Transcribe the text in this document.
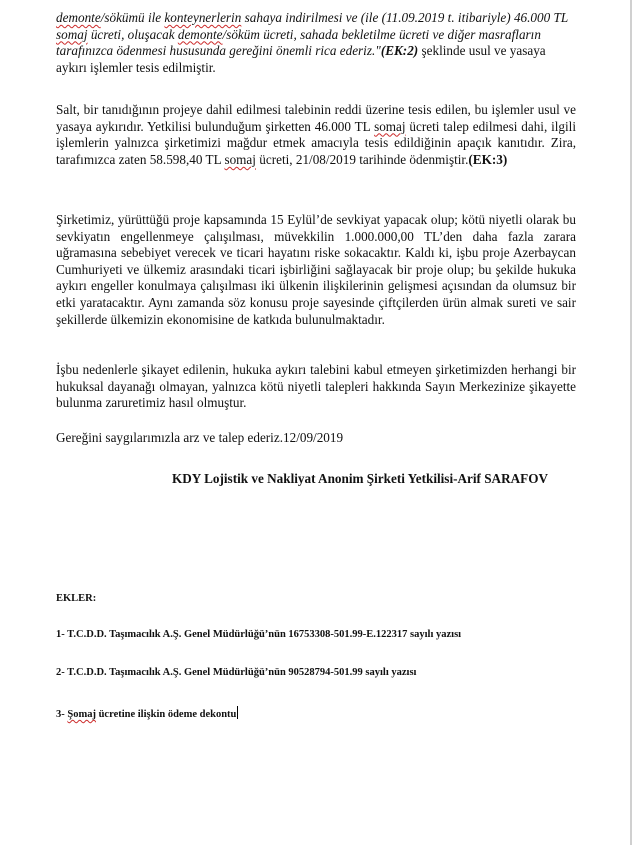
demonte/sökümü ile konteynerlerin sahaya indirilmesi ve (ile (11.09.2019 t. itibariyle) 46.000 TL
somaj ücreti, oluşacak demonte/söküm ücreti, sahada bekletilme ücreti ve diğer masrafların
tarafınızca ödenmesi hususunda gereğini önemli rica ederiz."(EK:2) şeklinde usul ve yasaya
aykırı işlemler tesis edilmiştir.

Salt, bir tanıdığının projeye dahil edilmesi talebinin reddi üzerine tesis edilen, bu işlemler usul ve yasaya aykırıdır. Yetkilisi bulunduğum şirketten 46.000 TL somaj ücreti talep edilmesi dahi, ilgili işlemlerin yalnızca şirketimizi mağdur etmek amacıyla tesis edildiğinin apaçık kanıtıdır. Zira, tarafımızca zaten 58.598,40 TL somaj ücreti, 21/08/2019 tarihinde ödenmiştir.(EK:3)

Şirketimiz, yürüttüğü proje kapsamında 15 Eylül’de sevkiyat yapacak olup; kötü niyetli olarak bu sevkiyatın engellenmeye çalışılması, müvekkilin 1.000.000,00 TL’den daha fazla zarara uğramasına sebebiyet verecek ve ticari hayatını riske sokacaktır. Kaldı ki, işbu proje Azerbaycan Cumhuriyeti ve ülkemiz arasındaki ticari işbirliğini sağlayacak bir proje olup; bu şekilde hukuka aykırı engeller konulmaya çalışılması iki ülkenin ilişkilerinin gelişmesi açısından da olumsuz bir etki yaratacaktır. Aynı zamanda söz konusu proje sayesinde çiftçilerden ürün almak sureti ve sair şekillerde ülkemizin ekonomisine de katkıda bulunulmaktadır.

İşbu nedenlerle şikayet edilenin, hukuka aykırı talebini kabul etmeyen şirketimizden herhangi bir hukuksal dayanağı olmayan, yalnızca kötü niyetli talepleri hakkında Sayın Merkezinize şikayette bulunma zaruretimiz hasıl olmuştur.

Gereğini saygılarımızla arz ve talep ederiz.12/09/2019

KDY Lojistik ve Nakliyat Anonim Şirketi Yetkilisi-Arif SARAFOV
EKLER:
1- T.C.D.D. Taşımacılık A.Ş. Genel Müdürlüğü’nün 16753308-501.99-E.122317 sayılı yazısı
2- T.C.D.D. Taşımacılık A.Ş. Genel Müdürlüğü’nün 90528794-501.99 sayılı yazısı
3- Şomaj ücretine ilişkin ödeme dekontu
